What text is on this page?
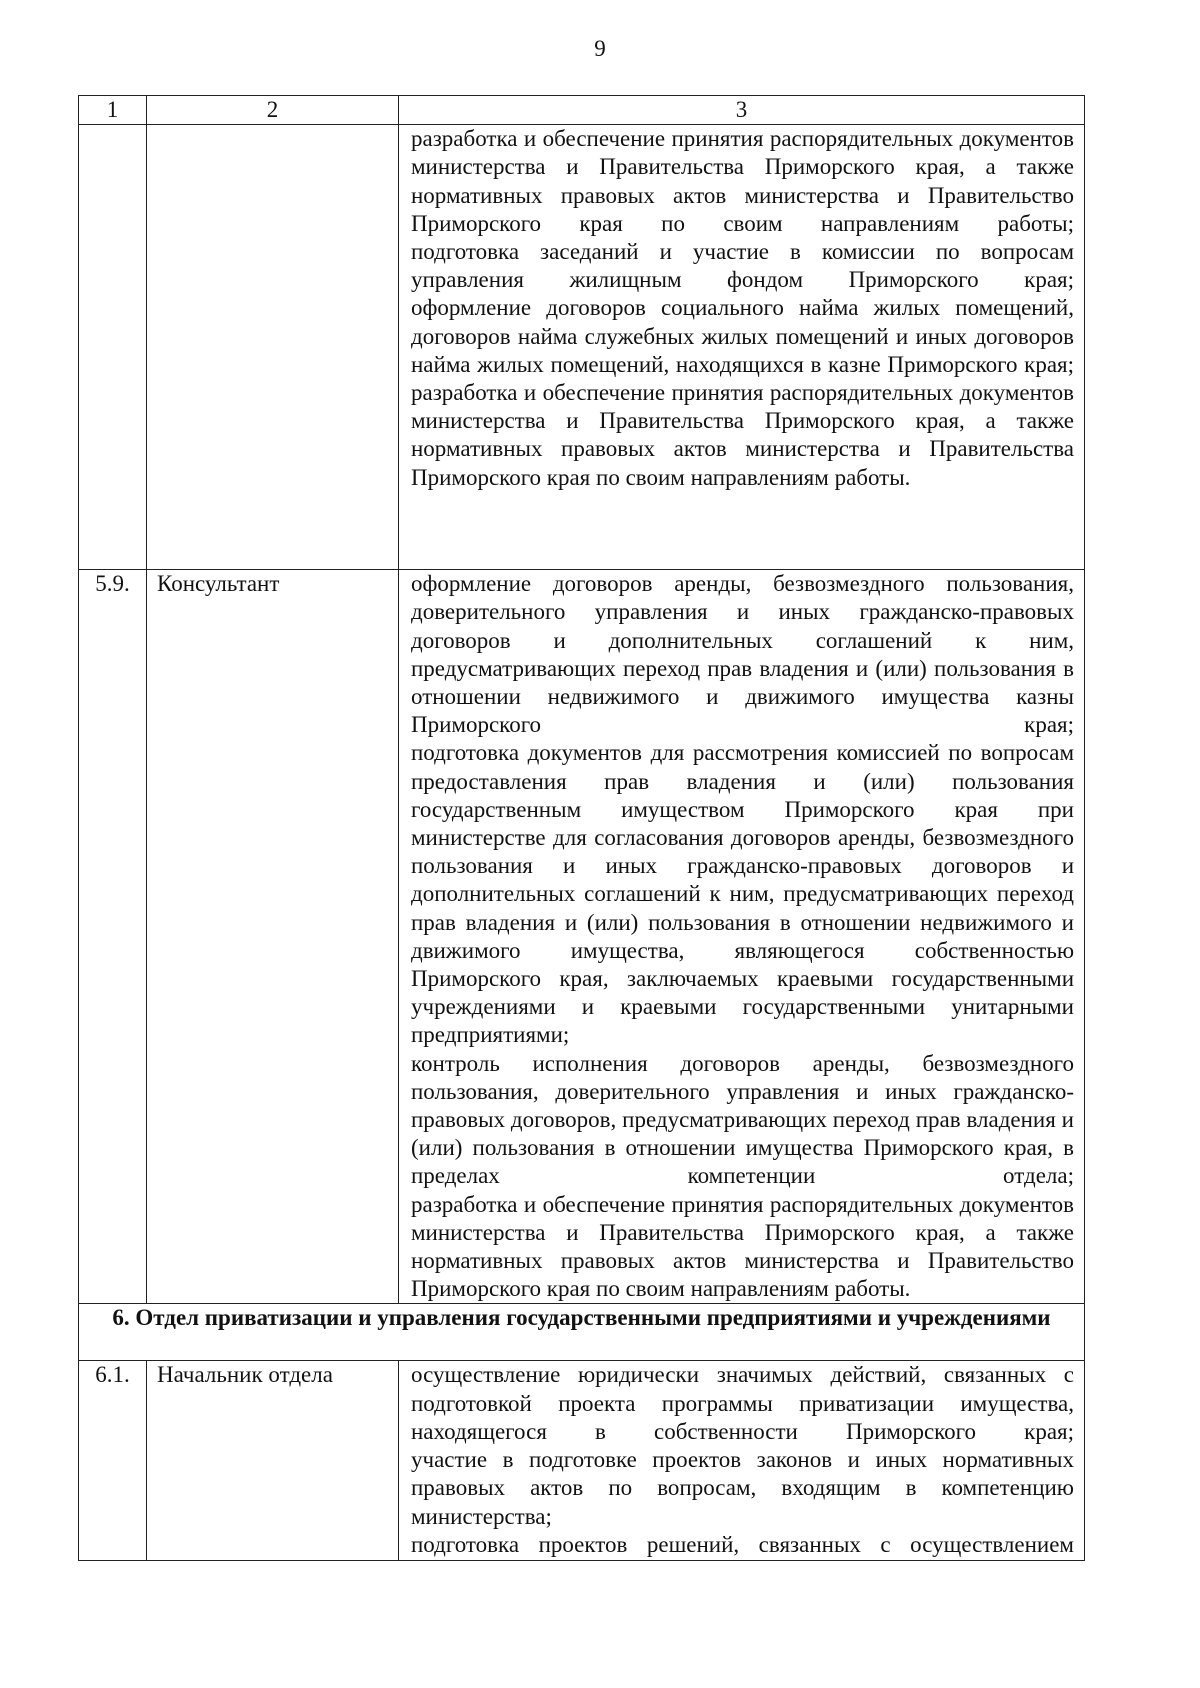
9
1	2	3

		разработка и обеспечение принятия распорядительных документов министерства и Правительства Приморского края, а также нормативных правовых актов министерства и Правительство Приморского края по своим направлениям работы;
подготовка заседаний и участие в комиссии по вопросам управления жилищным фондом Приморского края;
оформление договоров социального найма жилых помещений, договоров найма служебных жилых помещений и иных договоров найма жилых помещений, находящихся в казне Приморского края;
разработка и обеспечение принятия распорядительных документов министерства и Правительства Приморского края, а также нормативных правовых актов министерства и Правительства Приморского края по своим направлениям работы.

5.9.	Консультант	оформление договоров аренды, безвозмездного пользования, доверительного управления и иных гражданско-правовых договоров и дополнительных соглашений к ним, предусматривающих переход прав владения и (или) пользования в отношении недвижимого и движимого имущества казны Приморского края;
подготовка документов для рассмотрения комиссией по вопросам предоставления прав владения и (или) пользования государственным имуществом Приморского края при министерстве для согласования договоров аренды, безвозмездного пользования и иных гражданско-правовых договоров и дополнительных соглашений к ним, предусматривающих переход прав владения и (или) пользования в отношении недвижимого и движимого имущества, являющегося собственностью Приморского края, заключаемых краевыми государственными учреждениями и краевыми государственными унитарными предприятиями;
контроль исполнения договоров аренды, безвозмездного пользования, доверительного управления и иных гражданско-правовых договоров, предусматривающих переход прав владения и (или) пользования в отношении имущества Приморского края, в пределах компетенции отдела;
разработка и обеспечение принятия распорядительных документов министерства и Правительства Приморского края, а также нормативных правовых актов министерства и Правительство Приморского края по своим направлениям работы.

6. Отдел приватизации и управления государственными предприятиями и учреждениями		
6.1.	Начальник отдела	осуществление юридически значимых действий, связанных с подготовкой проекта программы приватизации имущества, находящегося в собственности Приморского края;
участие в подготовке проектов законов и иных нормативных правовых актов по вопросам, входящим в компетенцию министерства;
подготовка проектов решений, связанных с осуществлением
